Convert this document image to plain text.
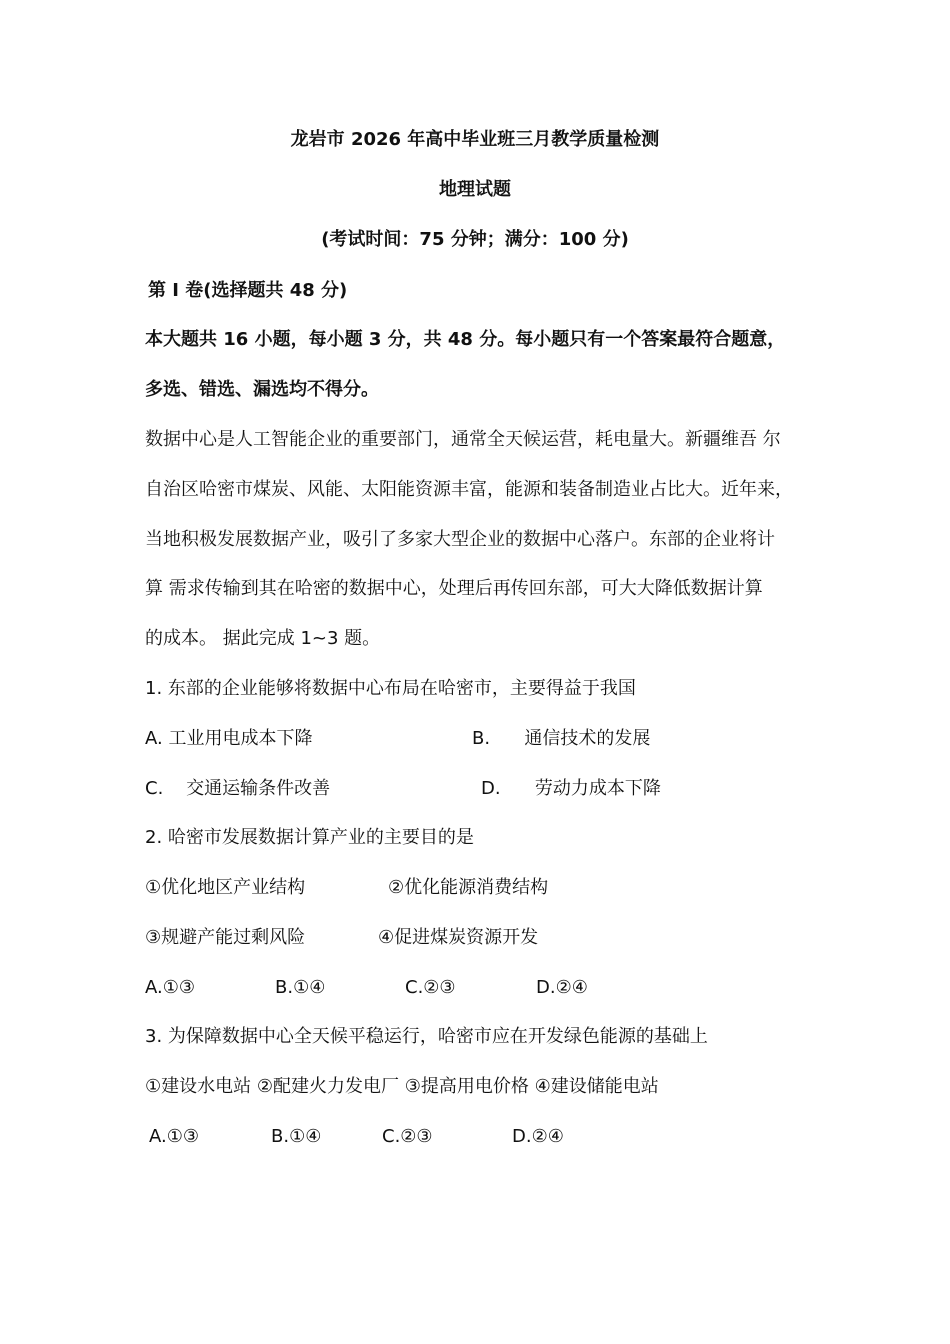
龙岩市 2026 年高中毕业班三月教学质量检测
地理试题
(考试时间：75 分钟；满分：100 分)
第 I 卷(选择题共 48 分)
本大题共 16 小题，每小题 3 分，共 48 分。每小题只有一个答案最符合题意，
多选、错选、漏选均不得分。
数据中心是人工智能企业的重要部门，通常全天候运营，耗电量大。新疆维吾 尔
自治区哈密市煤炭、风能、太阳能资源丰富，能源和装备制造业占比大。近年来，
当地积极发展数据产业，吸引了多家大型企业的数据中心落户。东部的企业将计
算 需求传输到其在哈密的数据中心，处理后再传回东部，可大大降低数据计算
的成本。 据此完成 1~3 题。
1. 东部的企业能够将数据中心布局在哈密市，主要得益于我国
A. 工业用电成本下降	B.      通信技术的发展
C.    交通运输条件改善	D.      劳动力成本下降
2. 哈密市发展数据计算产业的主要目的是
①优化地区产业结构	②优化能源消费结构
③规避产能过剩风险	④促进煤炭资源开发
A.①③	B.①④	C.②③	D.②④
3. 为保障数据中心全天候平稳运行，哈密市应在开发绿色能源的基础上
①建设水电站 ②配建火力发电厂 ③提高用电价格 ④建设储能电站
A.①③	B.①④	C.②③	D.②④
